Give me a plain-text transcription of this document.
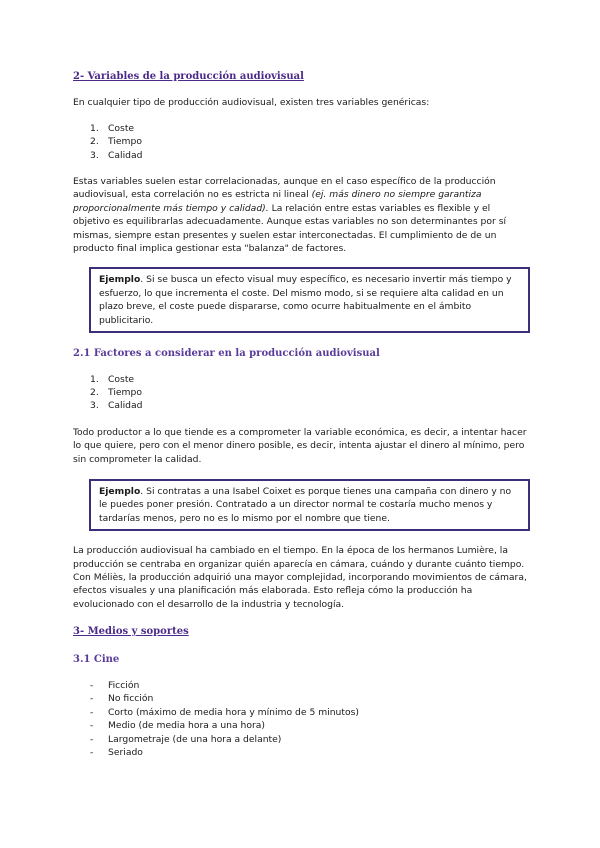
2- Variables de la producción audiovisual

En cualquier tipo de producción audiovisual, existen tres variables genéricas:

1.	Coste
2.	Tiempo
3.	Calidad

Estas variables suelen estar correlacionadas, aunque en el caso específico de la producción audiovisual, esta correlación no es estricta ni lineal (ej. más dinero no siempre garantiza proporcionalmente más tiempo y calidad). La relación entre estas variables es flexible y el objetivo es equilibrarlas adecuadamente. Aunque estas variables no son determinantes por sí mismas, siempre estan presentes y suelen estar interconectadas. El cumplimiento de de un producto final implica gestionar esta "balanza" de factores.

Ejemplo. Si se busca un efecto visual muy específico, es necesario invertir más tiempo y esfuerzo, lo que incrementa el coste. Del mismo modo, si se requiere alta calidad en un plazo breve, el coste puede dispararse, como ocurre habitualmente en el ámbito publicitario.
2.1 Factores a considerar en la producción audiovisual
1.	Coste
2.	Tiempo
3.	Calidad

Todo productor a lo que tiende es a comprometer la variable económica, es decir, a intentar hacer lo que quiere, pero con el menor dinero posible, es decir, intenta ajustar el dinero al mínimo, pero sin comprometer la calidad.

Ejemplo. Si contratas a una Isabel Coixet es porque tienes una campaña con dinero y no le puedes poner presión. Contratado a un director normal te costaría mucho menos y tardarías menos, pero no es lo mismo por el nombre que tiene.

La producción audiovisual ha cambiado en el tiempo. En la época de los hermanos Lumière, la producción se centraba en organizar quién aparecía en cámara, cuándo y durante cuánto tiempo. Con Méliès, la producción adquirió una mayor complejidad, incorporando movimientos de cámara, efectos visuales y una planificación más elaborada. Esto refleja cómo la producción ha evolucionado con el desarrollo de la industria y tecnología.

3- Medios y soportes
3.1 Cine
-	Ficción
-	No ficción
-	Corto (máximo de media hora y mínimo de 5 minutos)
-	Medio (de media hora a una hora)
-	Largometraje (de una hora a delante)
-	Seriado
